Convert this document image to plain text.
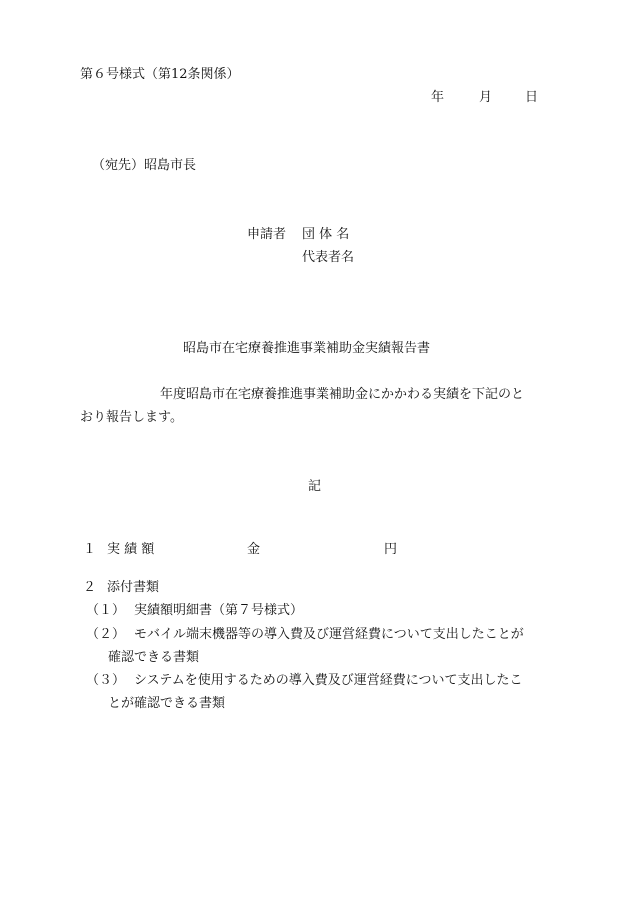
第６号様式（第12条関係）
年	月	日
（宛先）昭島市長
申請者 団 体 名
代表者名
昭島市在宅療養推進事業補助金実績報告書
年度昭島市在宅療養推進事業補助金にかかわる実績を下記のと
おり報告します。
記
１ 実 績 額	金	円
２ 添付書類
（１） 実績額明細書（第７号様式）
（２） モバイル端末機器等の導入費及び運営経費について支出したことが
確認できる書類
（３） システムを使用するための導入費及び運営経費について支出したこ
とが確認できる書類
